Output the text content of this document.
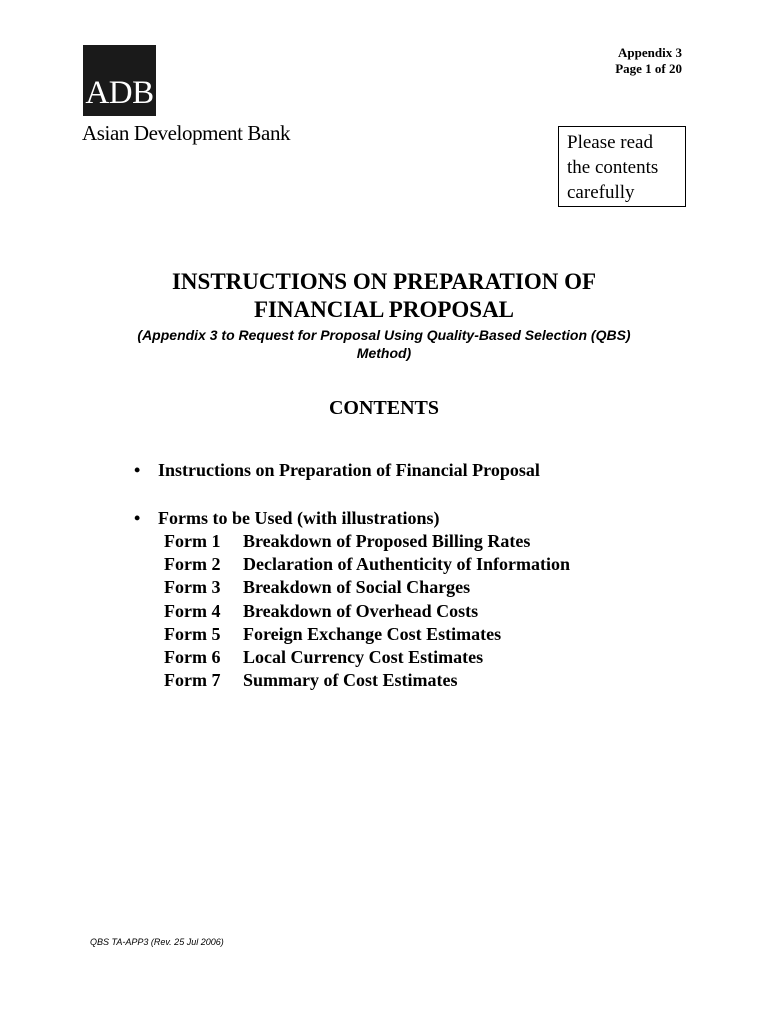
ADB
Asian Development Bank
Appendix 3
Page 1 of 20
Please read
the contents
carefully
INSTRUCTIONS ON PREPARATION OF
FINANCIAL PROPOSAL
(Appendix 3 to Request for Proposal Using Quality-Based Selection (QBS)
Method)
CONTENTS
• Instructions on Preparation of Financial Proposal
• Forms to be Used (with illustrations)
Form 1 Breakdown of Proposed Billing Rates
Form 2 Declaration of Authenticity of Information
Form 3 Breakdown of Social Charges
Form 4 Breakdown of Overhead Costs
Form 5 Foreign Exchange Cost Estimates
Form 6 Local Currency Cost Estimates
Form 7 Summary of Cost Estimates
QBS TA-APP3 (Rev. 25 Jul 2006)
